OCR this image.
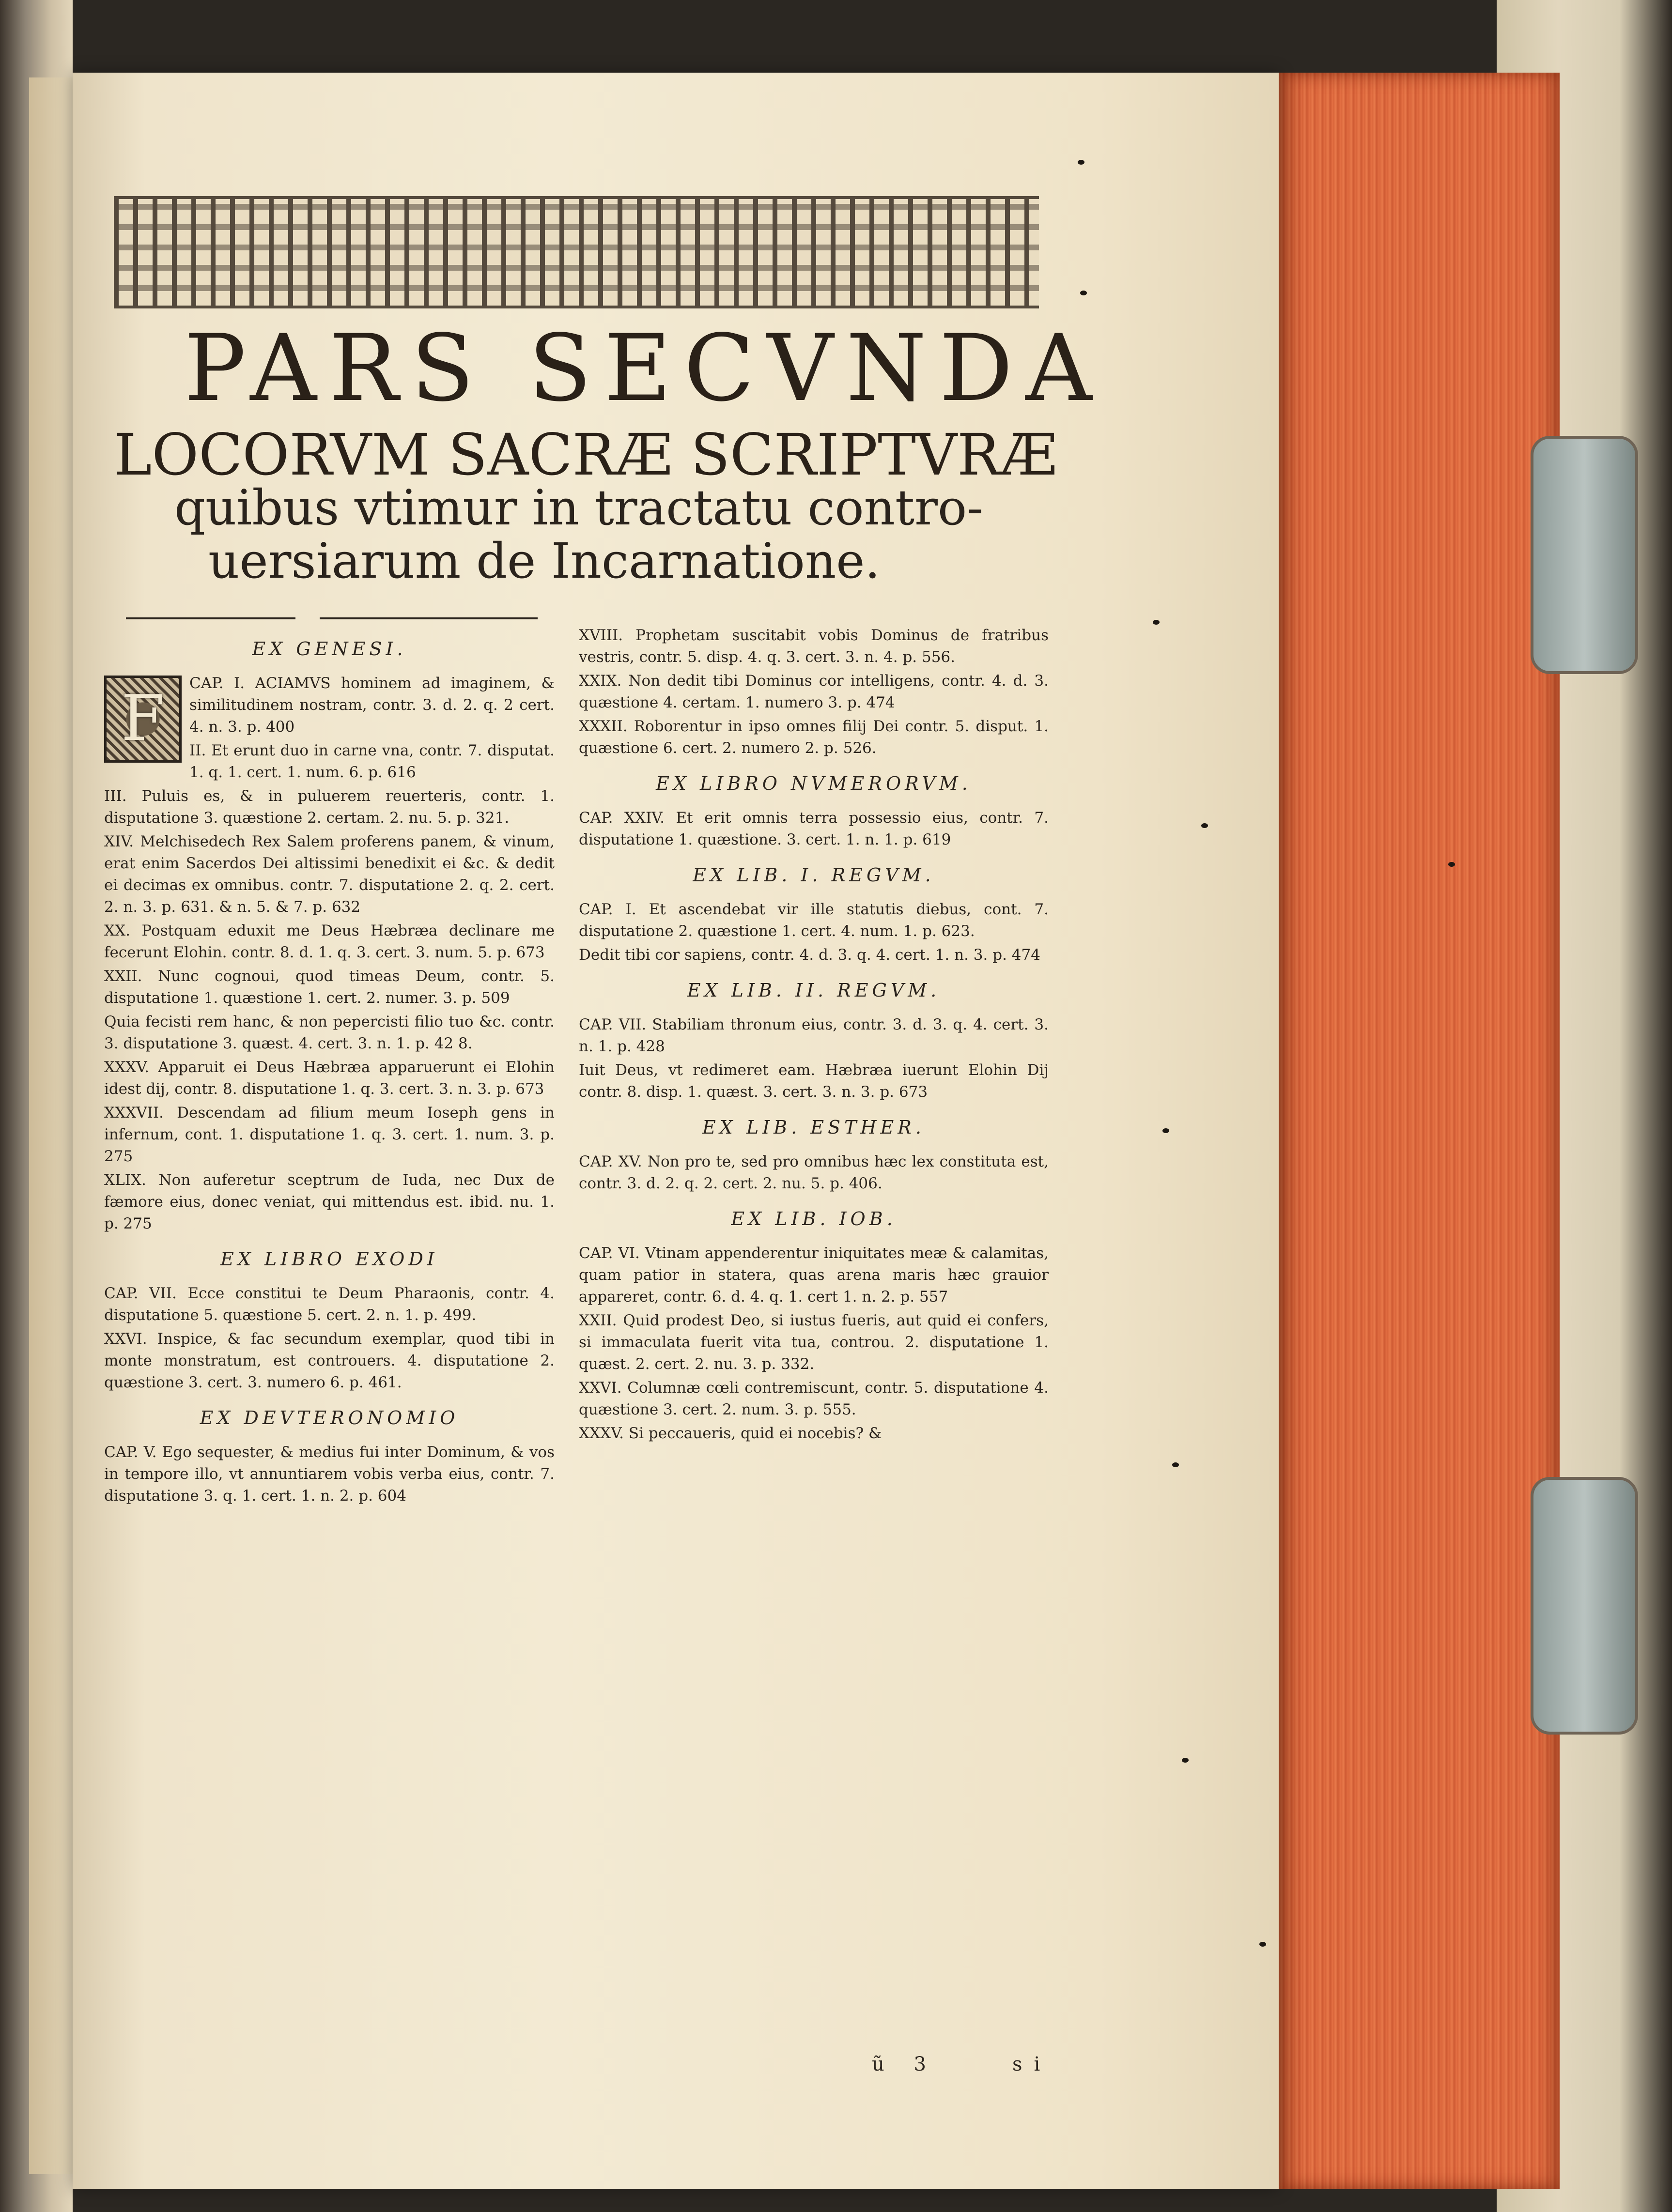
PARS SECVNDA
LOCORVM SACRÆ SCRIPTVRÆ
quibus vtimur in tractatu contro-
uersiarum de Incarnatione.
EX GENESI.
F	CAP. I. ACIAMVS hominem ad imaginem, & similitudinem nostram, contr. 3. d. 2. q. 2 cert. 4. n. 3. p. 400

II. Et erunt duo in carne vna, contr. 7. disputat. 1. q. 1. cert. 1. num. 6. p. 616

III. Puluis es, & in puluerem reuerteris, contr. 1. disputatione 3. quæstione 2. certam. 2. nu. 5. p. 321.

XIV. Melchisedech Rex Salem proferens panem, & vinum, erat enim Sacerdos Dei altissimi benedixit ei &c. & dedit ei decimas ex omnibus. contr. 7. disputatione 2. q. 2. cert. 2. n. 3. p. 631. & n. 5. & 7. p. 632

XX. Postquam eduxit me Deus Hæbræa declinare me fecerunt Elohin. contr. 8. d. 1. q. 3. cert. 3. num. 5. p. 673

XXII. Nunc cognoui, quod timeas Deum, contr. 5. disputatione 1. quæstione 1. cert. 2. numer. 3. p. 509

Quia fecisti rem hanc, & non pepercisti filio tuo &c. contr. 3. disputatione 3. quæst. 4. cert. 3. n. 1. p. 42 8.

XXXV. Apparuit ei Deus Hæbræa apparuerunt ei Elohin idest dij, contr. 8. disputatione 1. q. 3. cert. 3. n. 3. p. 673

XXXVII. Descendam ad filium meum Ioseph gens in infernum, cont. 1. disputatione 1. q. 3. cert. 1. num. 3. p. 275

XLIX. Non auferetur sceptrum de Iuda, nec Dux de fæmore eius, donec veniat, qui mittendus est. ibid. nu. 1. p. 275

EX LIBRO EXODI

CAP. VII. Ecce constitui te Deum Pharaonis, contr. 4. disputatione 5. quæstione 5. cert. 2. n. 1. p. 499.

XXVI. Inspice, & fac secundum exemplar, quod tibi in monte monstratum, est controuers. 4. disputatione 2. quæstione 3. cert. 3. numero 6. p. 461.

EX DEVTERONOMIO

CAP. V. Ego sequester, & medius fui inter Dominum, & vos in tempore illo, vt annuntiarem vobis verba eius, contr. 7. disputatione 3. q. 1. cert. 1. n. 2. p. 604

XVIII. Prophetam suscitabit vobis Dominus de fratribus vestris, contr. 5. disp. 4. q. 3. cert. 3. n. 4. p. 556.

XXIX. Non dedit tibi Dominus cor intelligens, contr. 4. d. 3. quæstione 4. certam. 1. numero 3. p. 474

XXXII. Roborentur in ipso omnes filij Dei contr. 5. disput. 1. quæstione 6. cert. 2. numero 2. p. 526.

EX LIBRO NVMERORVM.

CAP. XXIV. Et erit omnis terra possessio eius, contr. 7. disputatione 1. quæstione. 3. cert. 1. n. 1. p. 619

EX LIB. I. REGVM.

CAP. I. Et ascendebat vir ille statutis diebus, cont. 7. disputatione 2. quæstione 1. cert. 4. num. 1. p. 623.

Dedit tibi cor sapiens, contr. 4. d. 3. q. 4. cert. 1. n. 3. p. 474

EX LIB. II. REGVM.

CAP. VII. Stabiliam thronum eius, contr. 3. d. 3. q. 4. cert. 3. n. 1. p. 428

Iuit Deus, vt redimeret eam. Hæbræa iuerunt Elohin Dij contr. 8. disp. 1. quæst. 3. cert. 3. n. 3. p. 673

EX LIB. ESTHER.

CAP. XV. Non pro te, sed pro omnibus hæc lex constituta est, contr. 3. d. 2. q. 2. cert. 2. nu. 5. p. 406.

EX LIB. IOB.

CAP. VI. Vtinam appenderentur iniquitates meæ & calamitas, quam patior in statera, quas arena maris hæc grauior appareret, contr. 6. d. 4. q. 1. cert 1. n. 2. p. 557

XXII. Quid prodest Deo, si iustus fueris, aut quid ei confers, si immaculata fuerit vita tua, controu. 2. disputatione 1. quæst. 2. cert. 2. nu. 3. p. 332.

XXVI. Columnæ cœli contremiscunt, contr. 5. disputatione 4. quæstione 3. cert. 2. num. 3. p. 555.

XXXV. Si peccaueris, quid ei nocebis? &

ũ 3	si
